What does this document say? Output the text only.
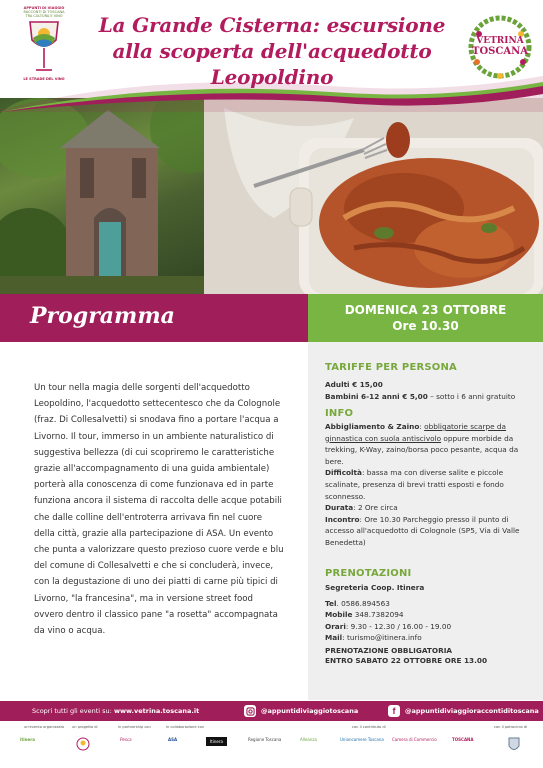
APPUNTI DI VIAGGIO
RACCONTI DI TOSCANA
TRA CULTURA E VINO
LE STRADE DEL VINO
La Grande Cisterna: escursione
alla scoperta dell'acquedotto Leopoldino
VETRINA
TOSCANA
Programma	DOMENICA 23 OTTOBRE
Ore 10.30

Un tour nella magia delle sorgenti dell'acquedotto Leopoldino, l'acquedotto settecentesco che da Colognole (fraz. Di Collesalvetti) si snodava fino a portare l'acqua a Livorno. Il tour, immerso in un ambiente naturalistico di suggestiva bellezza (di cui scopriremo le caratteristiche grazie all'accompagnamento di una guida ambientale) porterà alla conoscenza di come funzionava ed in parte funziona ancora il sistema di raccolta delle acque potabili che dalle colline dell'entroterra arrivava fin nel cuore della città, grazie alla partecipazione di ASA. Un evento che punta a valorizzare questo prezioso cuore verde e blu del comune di Collesalvetti e che si concluderà, invece, con la degustazione di uno dei piatti di carne più tipici di Livorno, "la francesina", ma in versione street food ovvero dentro il classico pane "a rosetta" accompagnata da vino o acqua.

TARIFFE PER PERSONA
Adulti € 15,00
Bambini 6-12 anni € 5,00 – sotto i 6 anni gratuito
INFO
Abbigliamento & Zaino: obbligatorie scarpe da ginnastica con suola antiscivolo oppure morbide da trekking, K-Way, zaino/borsa poco pesante, acqua da bere.
Difficoltà: bassa ma con diverse salite e piccole scalinate, presenza di brevi tratti esposti e fondo sconnesso.
Durata: 2 Ore circa
Incontro: Ore 10.30 Parcheggio presso il punto di accesso all'acquedotto di Colognole (SP5, Via di Valle Benedetta)
PRENOTAZIONI
Segreteria Coop. Itinera
Tel. 0586.894563
Mobile 348.7382094
Orari: 9.30 - 12.30 / 16.00 - 19.00
Mail: turismo@itinera.info
PRENOTAZIONE OBBLIGATORIA
ENTRO SABATO 22 OTTOBRE ORE 13.00
Scopri tutti gli eventi su: www.vetrina.toscana.it	@appuntidiviaggiotoscana	f @appuntidiviaggioraccontiditoscana
un'evento organizzato un progetto di	in partnership con	in collaborazione con	con il contributo di	con il patrocinio di
itinera	Pesca	ASA	Itinera	Regione Toscana	Alleanza	Unioncamere Toscana Camera di Commercio	TOSCANA
